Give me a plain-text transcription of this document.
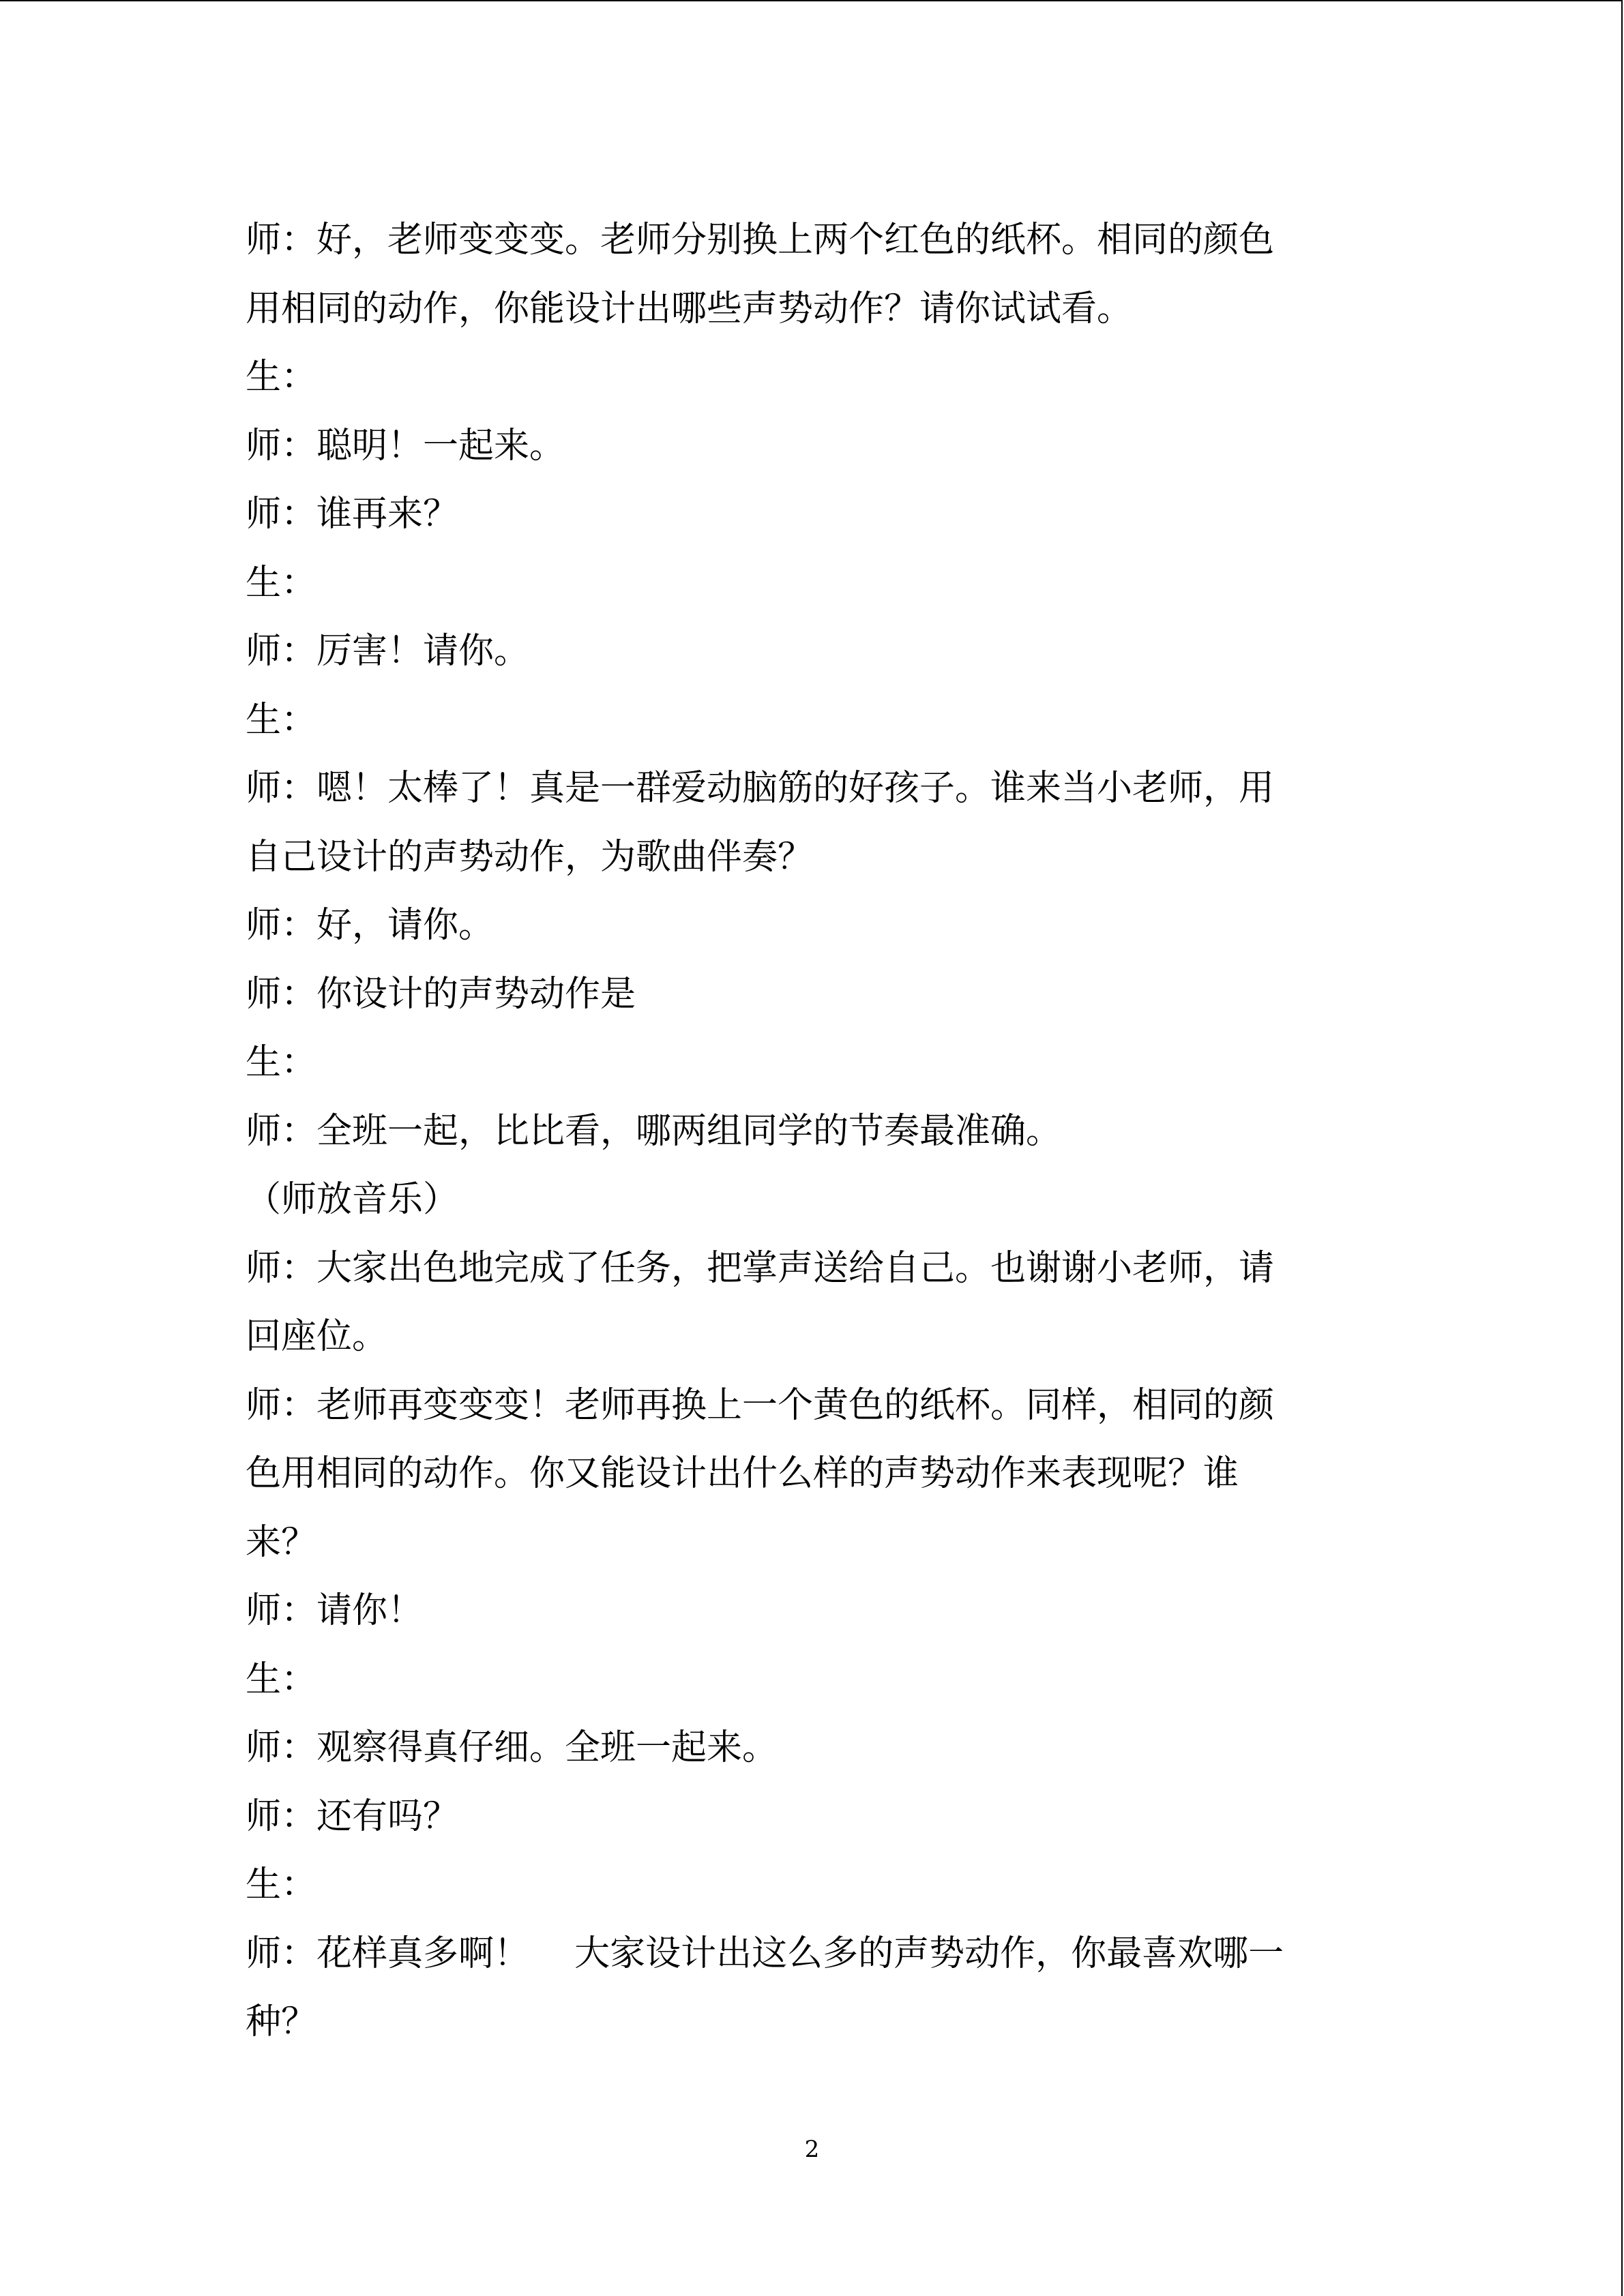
师：好，老师变变变。老师分别换上两个红色的纸杯。相同的颜色
用相同的动作，你能设计出哪些声势动作？请你试试看。
生：
师：聪明！一起来。
师：谁再来？
生：
师：厉害！请你。
生：
师：嗯！太棒了！真是一群爱动脑筋的好孩子。谁来当小老师，用
自己设计的声势动作，为歌曲伴奏？
师：好，请你。
师：你设计的声势动作是
生：
师：全班一起，比比看，哪两组同学的节奏最准确。
（师放音乐）
师：大家出色地完成了任务，把掌声送给自己。也谢谢小老师，请
回座位。
师：老师再变变变！老师再换上一个黄色的纸杯。同样，相同的颜
色用相同的动作。你又能设计出什么样的声势动作来表现呢？谁
来？
师：请你！
生：
师：观察得真仔细。全班一起来。
师：还有吗？
生：
师：花样真多啊！    大家设计出这么多的声势动作，你最喜欢哪一
种？
2
